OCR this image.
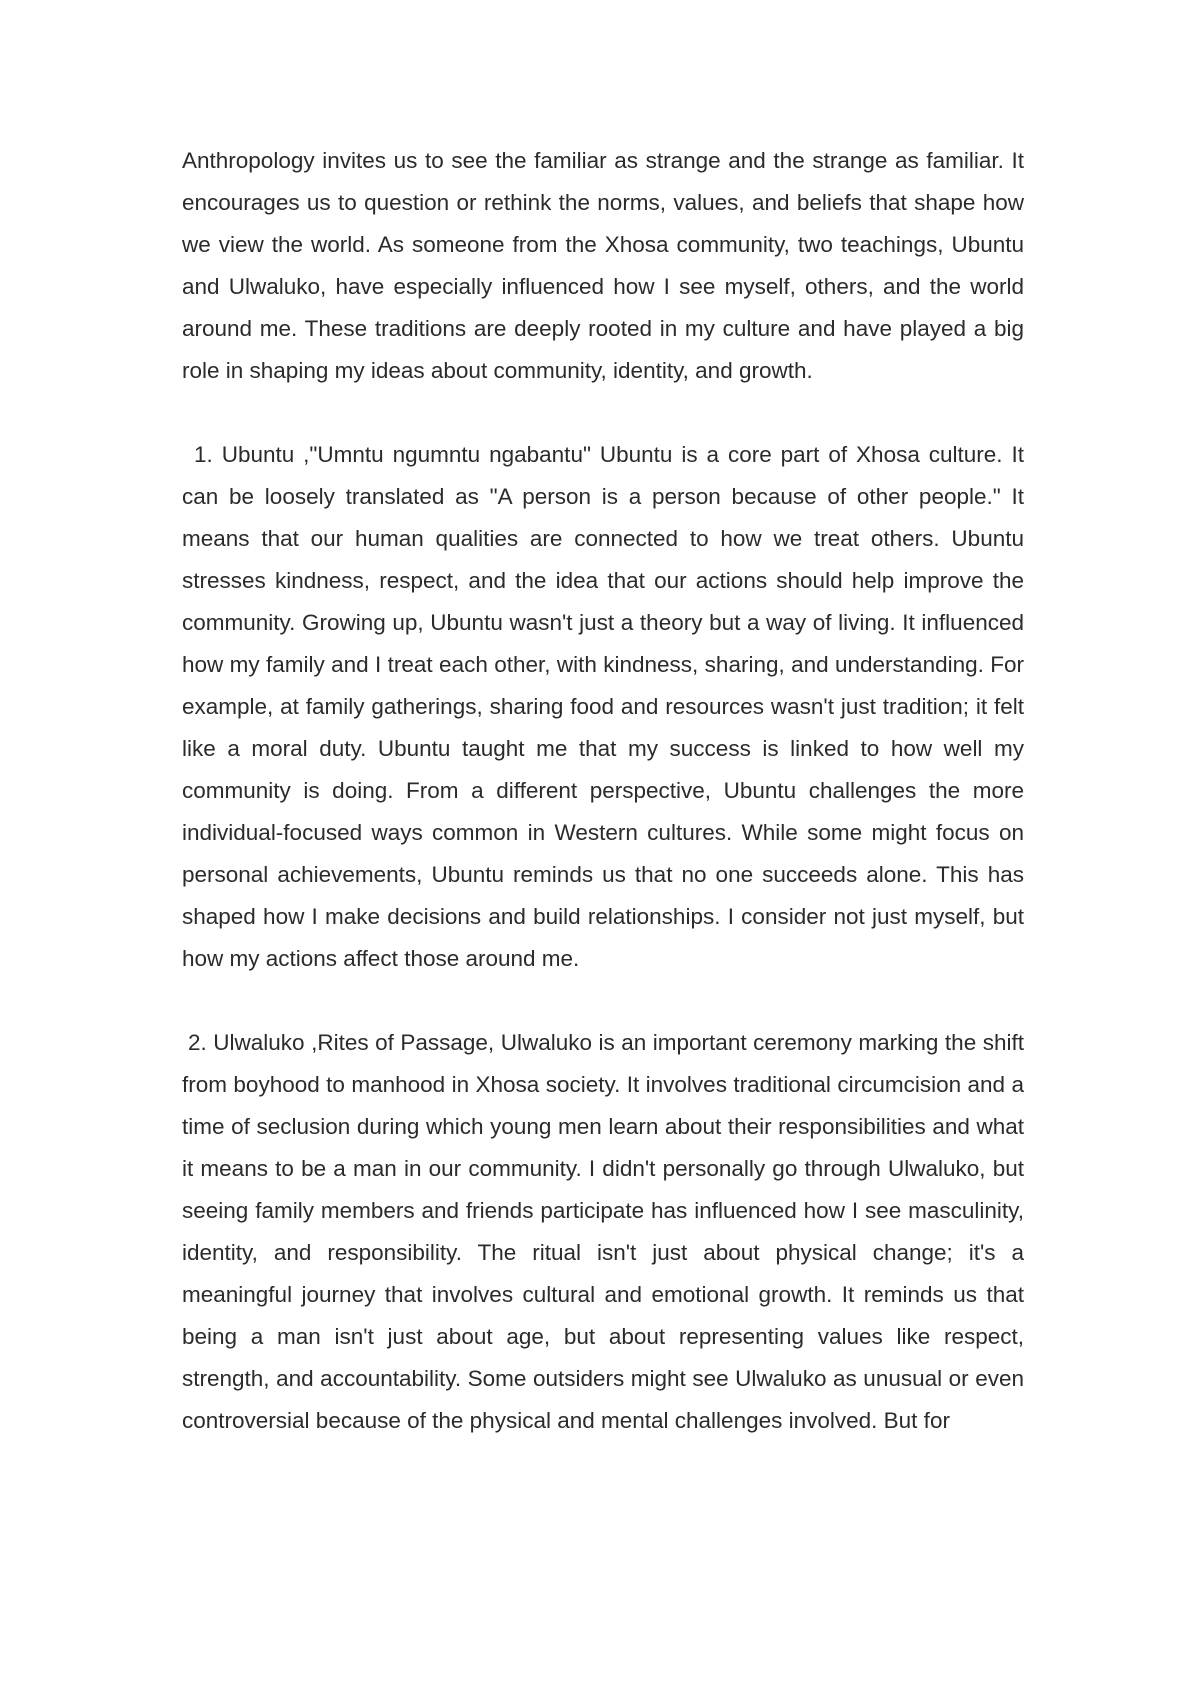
Anthropology invites us to see the familiar as strange and the strange as familiar. It encourages us to question or rethink the norms, values, and beliefs that shape how we view the world. As someone from the Xhosa community, two teachings, Ubuntu and Ulwaluko, have especially influenced how I see myself, others, and the world around me. These traditions are deeply rooted in my culture and have played a big role in shaping my ideas about community, identity, and growth.

1. Ubuntu ,"Umntu ngumntu ngabantu" Ubuntu is a core part of Xhosa culture. It can be loosely translated as "A person is a person because of other people." It means that our human qualities are connected to how we treat others. Ubuntu stresses kindness, respect, and the idea that our actions should help improve the community. Growing up, Ubuntu wasn't just a theory but a way of living. It influenced how my family and I treat each other, with kindness, sharing, and understanding. For example, at family gatherings, sharing food and resources wasn't just tradition; it felt like a moral duty. Ubuntu taught me that my success is linked to how well my community is doing. From a different perspective, Ubuntu challenges the more individual-focused ways common in Western cultures. While some might focus on personal achievements, Ubuntu reminds us that no one succeeds alone. This has shaped how I make decisions and build relationships. I consider not just myself, but how my actions affect those around me.

2. Ulwaluko ,Rites of Passage, Ulwaluko is an important ceremony marking the shift from boyhood to manhood in Xhosa society. It involves traditional circumcision and a time of seclusion during which young men learn about their responsibilities and what it means to be a man in our community. I didn't personally go through Ulwaluko, but seeing family members and friends participate has influenced how I see masculinity, identity, and responsibility. The ritual isn't just about physical change; it's a meaningful journey that involves cultural and emotional growth. It reminds us that being a man isn't just about age, but about representing values like respect, strength, and accountability. Some outsiders might see Ulwaluko as unusual or even controversial because of the physical and mental challenges involved. But for
